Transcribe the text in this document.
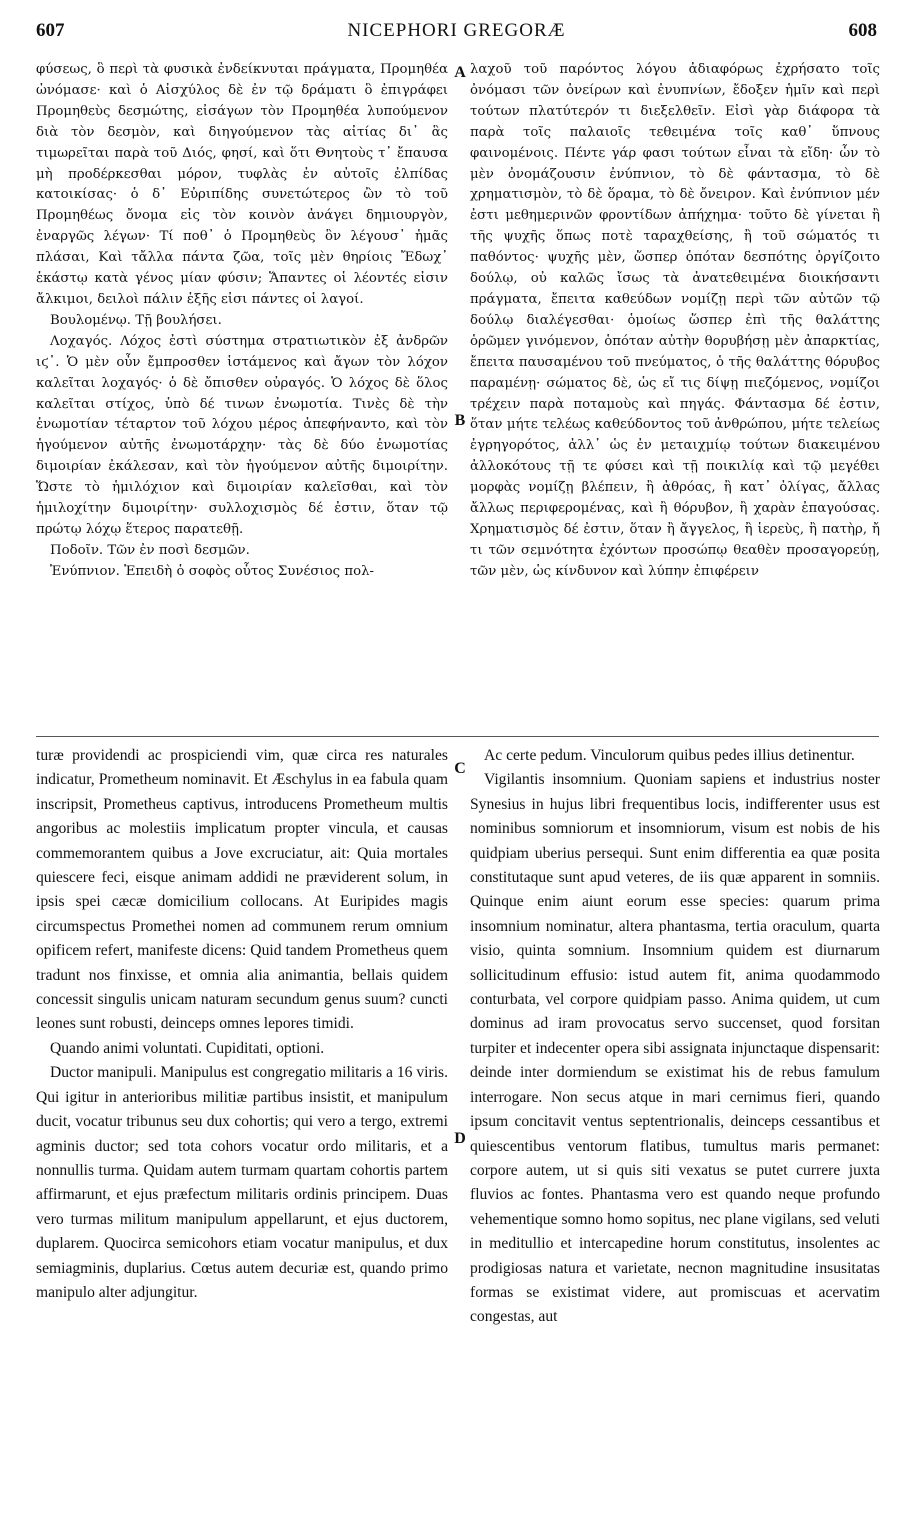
607	NICEPHORI GREGORÆ	608

φύσεως, ὃ περὶ τὰ φυσικὰ ἐνδείκνυται πράγματα, Προμηθέα ὠνόμασε· καὶ ὁ Αἰσχύλος δὲ ἐν τῷ δράματι ὃ ἐπιγράφει Προμηθεὺς δεσμώτης, εἰσάγων τὸν Προμηθέα λυπούμενον διὰ τὸν δεσμὸν, καὶ διηγούμενον τὰς αἰτίας δι᾽ ἃς τιμωρεῖται παρὰ τοῦ Διός, φησί, καὶ ὅτι Θνητοὺς τ᾽ ἔπαυσα μὴ προδέρκεσθαι μόρον, τυφλὰς ἐν αὐτοῖς ἐλπίδας κατοικίσας· ὁ δ᾽ Εὐριπίδης συνετώτερος ὢν τὸ τοῦ Προμηθέως ὄνομα εἰς τὸν κοινὸν ἀνάγει δημιουργὸν, ἐναργῶς λέγων· Τί ποθ᾽ ὁ Προμηθεὺς ὃν λέγουσ᾽ ἡμᾶς πλάσαι, Καὶ τἄλλα πάντα ζῶα, τοῖς μὲν θηρίοις Ἔδωχ᾽ ἑκάστῳ κατὰ γένος μίαν φύσιν; Ἅπαντες οἱ λέοντές εἰσιν ἄλκιμοι, δειλοὶ πάλιν ἑξῆς εἰσι πάντες οἱ λαγοί.

Βουλομένῳ. Τῇ βουλήσει.

Λοχαγός. Λόχος ἐστὶ σύστημα στρατιωτικὸν ἐξ ἀνδρῶν ιϛ᾽. Ὁ μὲν οὖν ἔμπροσθεν ἱστάμενος καὶ ἄγων τὸν λόχον καλεῖται λοχαγός· ὁ δὲ ὄπισθεν οὐραγός. Ὁ λόχος δὲ ὅλος καλεῖται στίχος, ὑπὸ δέ τινων ἐνωμοτία. Τινὲς δὲ τὴν ἐνωμοτίαν τέταρτον τοῦ λόχου μέρος ἀπεφήναντο, καὶ τὸν ἡγούμενον αὐτῆς ἐνωμοτάρχην· τὰς δὲ δύο ἐνωμοτίας διμοιρίαν ἐκάλεσαν, καὶ τὸν ἡγούμενον αὐτῆς διμοιρίτην. Ὥστε τὸ ἡμιλόχιον καὶ διμοιρίαν καλεῖσθαι, καὶ τὸν ἡμιλοχίτην διμοιρίτην· συλλοχισμὸς δέ ἐστιν, ὅταν τῷ πρώτῳ λόχῳ ἕτερος παρατεθῇ.

Ποδοῖν. Τῶν ἐν ποσὶ δεσμῶν.

Ἐνύπνιον. Ἐπειδὴ ὁ σοφὸς οὗτος Συνέσιος πολ-

λαχοῦ τοῦ παρόντος λόγου ἀδιαφόρως ἐχρήσατο τοῖς ὀνόμασι τῶν ὀνείρων καὶ ἐνυπνίων, ἔδοξεν ἡμῖν καὶ περὶ τούτων πλατύτερόν τι διεξελθεῖν. Εἰσὶ γὰρ διάφορα τὰ παρὰ τοῖς παλαιοῖς τεθειμένα τοῖς καθ᾽ ὕπνους φαινομένοις. Πέντε γάρ φασι τούτων εἶναι τὰ εἴδη· ὧν τὸ μὲν ὀνομάζουσιν ἐνύπνιον, τὸ δὲ φάντασμα, τὸ δὲ χρηματισμὸν, τὸ δὲ ὅραμα, τὸ δὲ ὄνειρον. Καὶ ἐνύπνιον μέν ἐστι μεθημερινῶν φροντίδων ἀπήχημα· τοῦτο δὲ γίνεται ἢ τῆς ψυχῆς ὅπως ποτὲ ταραχθείσης, ἢ τοῦ σώματός τι παθόντος· ψυχῆς μὲν, ὥσπερ ὁπόταν δεσπότης ὀργίζοιτο δούλῳ, οὐ καλῶς ἴσως τὰ ἀνατεθειμένα διοικήσαντι πράγματα, ἔπειτα καθεύδων νομίζῃ περὶ τῶν αὐτῶν τῷ δούλῳ διαλέγεσθαι· ὁμοίως ὥσπερ ἐπὶ τῆς θαλάττης ὁρῶμεν γινόμενον, ὁπόταν αὐτὴν θορυβήσῃ μὲν ἀπαρκτίας, ἔπειτα παυσαμένου τοῦ πνεύματος, ὁ τῆς θαλάττης θόρυβος παραμένῃ· σώματος δὲ, ὡς εἴ τις δίψῃ πιεζόμενος, νομίζοι τρέχειν παρὰ ποταμοὺς καὶ πηγάς. Φάντασμα δέ ἐστιν, ὅταν μήτε τελέως καθεύδοντος τοῦ ἀνθρώπου, μήτε τελείως ἐγρηγορότος, ἀλλ᾽ ὡς ἐν μεταιχμίῳ τούτων διακειμένου ἀλλοκότους τῇ τε φύσει καὶ τῇ ποικιλίᾳ καὶ τῷ μεγέθει μορφὰς νομίζῃ βλέπειν, ἢ ἀθρόας, ἢ κατ᾽ ὀλίγας, ἄλλας ἄλλως περιφερομένας, καὶ ἢ θόρυβον, ἢ χαρὰν ἐπαγούσας. Χρηματισμὸς δέ ἐστιν, ὅταν ἢ ἄγγελος, ἢ ἱερεὺς, ἢ πατὴρ, ἤ τι τῶν σεμνότητα ἐχόντων προσώπῳ θεαθὲν προσαγορεύῃ, τῶν μὲν, ὡς κίνδυνον καὶ λύπην ἐπιφέρειν

turæ providendi ac prospiciendi vim, quæ circa res naturales indicatur, Prometheum nominavit. Et Æschylus in ea fabula quam inscripsit, Prometheus captivus, introducens Prometheum multis angoribus ac molestiis implicatum propter vincula, et causas commemorantem quibus a Jove excruciatur, ait: Quia mortales quiescere feci, eisque animam addidi ne præviderent solum, in ipsis spei cæcæ domicilium collocans. At Euripides magis circumspectus Promethei nomen ad communem rerum omnium opificem refert, manifeste dicens: Quid tandem Prometheus quem tradunt nos finxisse, et omnia alia animantia, bellais quidem concessit singulis unicam naturam secundum genus suum? cuncti leones sunt robusti, deinceps omnes lepores timidi.

Quando animi voluntati. Cupiditati, optioni.

Ductor manipuli. Manipulus est congregatio militaris a 16 viris. Qui igitur in anterioribus militiæ partibus insistit, et manipulum ducit, vocatur tribunus seu dux cohortis; qui vero a tergo, extremi agminis ductor; sed tota cohors vocatur ordo militaris, et a nonnullis turma. Quidam autem turmam quartam cohortis partem affirmarunt, et ejus præfectum militaris ordinis principem. Duas vero turmas militum manipulum appellarunt, et ejus ductorem, duplarem. Quocirca semicohors etiam vocatur manipulus, et dux semiagminis, duplarius. Cœtus autem decuriæ est, quando primo manipulo alter adjungitur.

Ac certe pedum. Vinculorum quibus pedes illius detinentur.

Vigilantis insomnium. Quoniam sapiens et industrius noster Synesius in hujus libri frequentibus locis, indifferenter usus est nominibus somniorum et insomniorum, visum est nobis de his quidpiam uberius persequi. Sunt enim differentia ea quæ posita constitutaque sunt apud veteres, de iis quæ apparent in somniis. Quinque enim aiunt eorum esse species: quarum prima insomnium nominatur, altera phantasma, tertia oraculum, quarta visio, quinta somnium. Insomnium quidem est diurnarum sollicitudinum effusio: istud autem fit, anima quodammodo conturbata, vel corpore quidpiam passo. Anima quidem, ut cum dominus ad iram provocatus servo succenset, quod forsitan turpiter et indecenter opera sibi assignata injunctaque dispensarit: deinde inter dormiendum se existimat his de rebus famulum interrogare. Non secus atque in mari cernimus fieri, quando ipsum concitavit ventus septentrionalis, deinceps cessantibus et quiescentibus ventorum flatibus, tumultus maris permanet: corpore autem, ut si quis siti vexatus se putet currere juxta fluvios ac fontes. Phantasma vero est quando neque profundo vehementique somno homo sopitus, nec plane vigilans, sed veluti in meditullio et intercapedine horum constitutus, insolentes ac prodigiosas natura et varietate, necnon magnitudine insusitatas formas se existimat videre, aut promiscuas et acervatim congestas, aut

A
B
C
D
